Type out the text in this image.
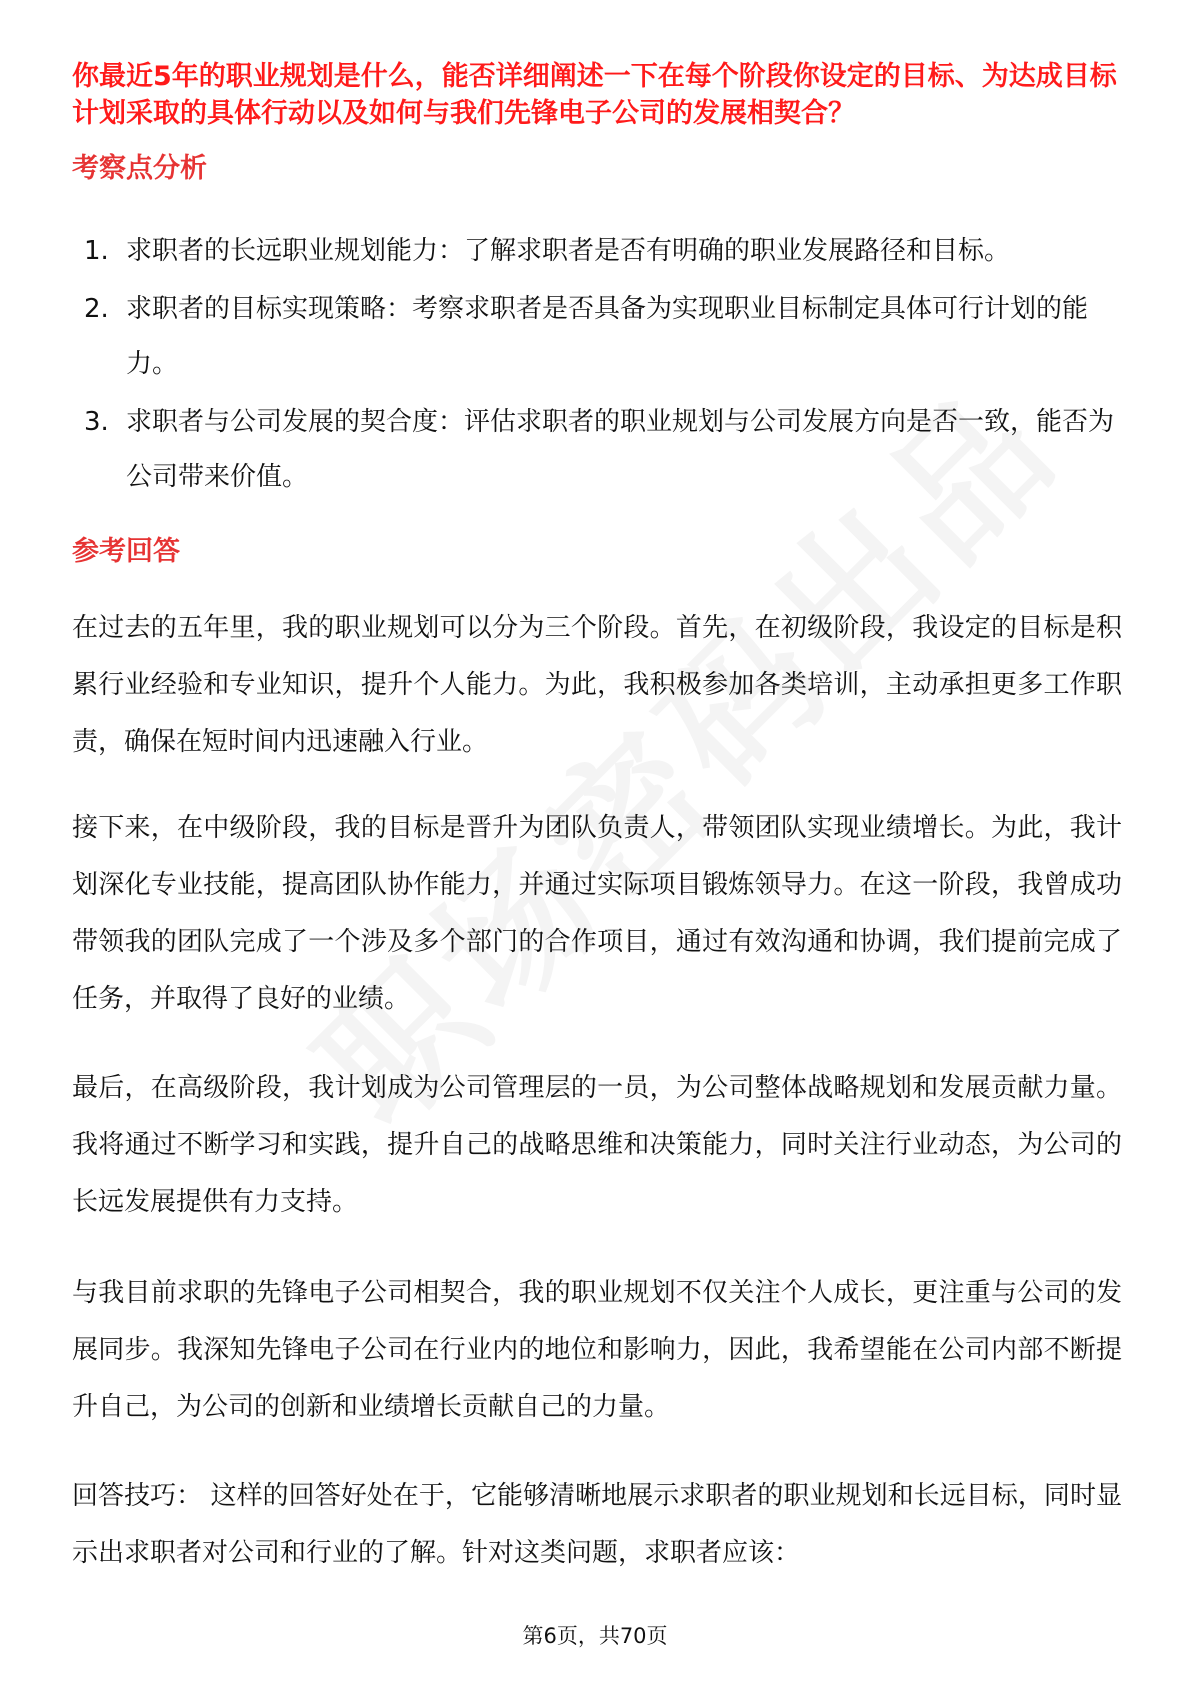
你最近5年的职业规划是什么，能否详细阐述一下在每个阶段你设定的目标、为达成目标计划采取的具体行动以及如何与我们先锋电子公司的发展相契合？

考察点分析
1. 求职者的长远职业规划能力：了解求职者是否有明确的职业发展路径和目标。
2. 求职者的目标实现策略：考察求职者是否具备为实现职业目标制定具体可行计划的能力。
3. 求职者与公司发展的契合度：评估求职者的职业规划与公司发展方向是否一致，能否为公司带来价值。
参考回答

在过去的五年里，我的职业规划可以分为三个阶段。首先，在初级阶段，我设定的目标是积累行业经验和专业知识，提升个人能力。为此，我积极参加各类培训，主动承担更多工作职责，确保在短时间内迅速融入行业。

接下来，在中级阶段，我的目标是晋升为团队负责人，带领团队实现业绩增长。为此，我计划深化专业技能，提高团队协作能力，并通过实际项目锻炼领导力。在这一阶段，我曾成功带领我的团队完成了一个涉及多个部门的合作项目，通过有效沟通和协调，我们提前完成了任务，并取得了良好的业绩。

最后，在高级阶段，我计划成为公司管理层的一员，为公司整体战略规划和发展贡献力量。我将通过不断学习和实践，提升自己的战略思维和决策能力，同时关注行业动态，为公司的长远发展提供有力支持。

与我目前求职的先锋电子公司相契合，我的职业规划不仅关注个人成长，更注重与公司的发展同步。我深知先锋电子公司在行业内的地位和影响力，因此，我希望能在公司内部不断提升自己，为公司的创新和业绩增长贡献自己的力量。

回答技巧： 这样的回答好处在于，它能够清晰地展示求职者的职业规划和长远目标，同时显示出求职者对公司和行业的了解。针对这类问题，求职者应该：

第6页，共70页
